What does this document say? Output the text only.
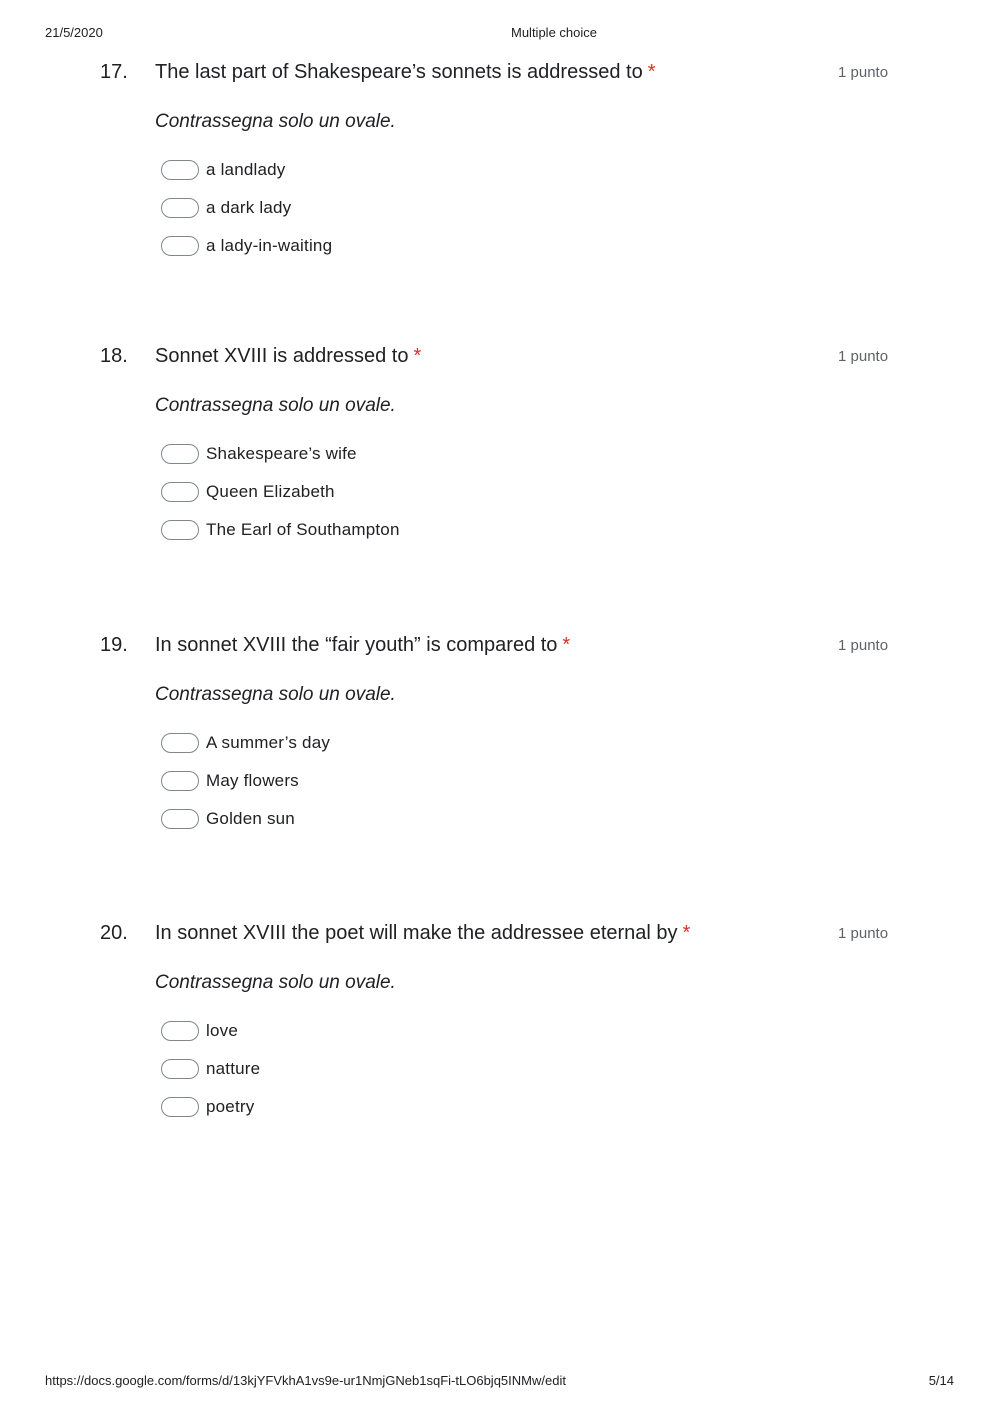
21/5/2020	Multiple choice
17. The last part of Shakespeare’s sonnets is addressed to *	1 punto
Contrassegna solo un ovale.
a landlady
a dark lady
a lady-in-waiting
18. Sonnet XVIII is addressed to *	1 punto
Contrassegna solo un ovale.
Shakespeare’s wife
Queen Elizabeth
The Earl of Southampton
19. In sonnet XVIII the “fair youth” is compared to *	1 punto
Contrassegna solo un ovale.
A summer’s day
May flowers
Golden sun
20. In sonnet XVIII the poet will make the addressee eternal by *	1 punto
Contrassegna solo un ovale.
love
natture
poetry
https://docs.google.com/forms/d/13kjYFVkhA1vs9e-ur1NmjGNeb1sqFi-tLO6bjq5INMw/edit	5/14
